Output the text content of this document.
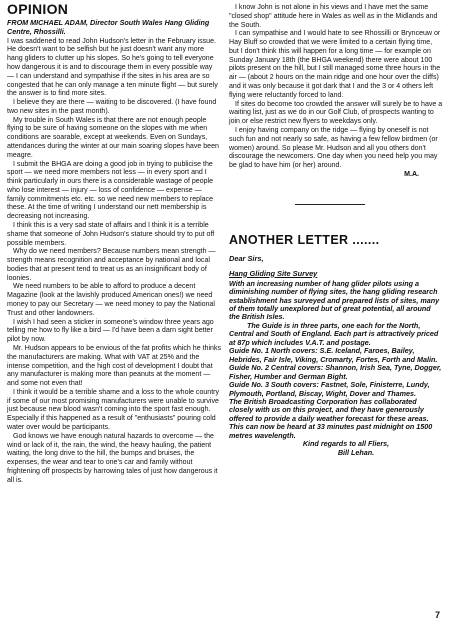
OPINION
FROM MICHAEL ADAM, Director South Wales Hang Gliding Centre, Rhossilli.

I was saddened to read John Hudson's letter in the February issue. He doesn't want to be selfish but he just doesn't want any more hang gliders to clutter up his slopes. So he's going to tell everyone how dangerous it is and to discourage them in every possible way — I can understand and sympathise if the sites in his area are so congested that he can only manage a ten minute flight — but surely the answer is to find more sites.

I believe they are there — waiting to be discovered. (I have found two new sites in the past month).

My trouble in South Wales is that there are not enough people flying to be sure of having someone on the slopes with me when conditions are soarable, except at weekends. Even on Sundays, attendances during the winter at our main soaring slopes have been meagre.

I submit the BHGA are doing a good job in trying to publicise the sport — we need more members not less — in every sport and I think particularly in ours there is a considerable wastage of people who lose interest — injury — loss of confidence — expense — family commitments etc. etc. so we need new members to replace these. At the time of writing I understand our nett membership is decreasing not increasing.

I think this is a very sad state of affairs and I think it is a terrible shame that someone of John Hudson's stature should try to put off possible members.

Why do we need members? Because numbers mean strength — strength means recognition and acceptance by national and local bodies that at present tend to treat us as an insignificant body of loonies.

We need numbers to be able to afford to produce a decent Magazine (look at the lavishly produced American ones!) we need money to pay our Secretary — we need money to pay the National Trust and other landowners.

I wish I had seen a sticker in someone's window three years ago telling me how to fly like a bird — I'd have been a darn sight better pilot by now.

Mr. Hudson appears to be envious of the fat profits which he thinks the manufacturers are making. What with VAT at 25% and the intense competition, and the high cost of development I doubt that any manufacturer is making more than peanuts at the moment — and some not even that!

I think it would be a terrible shame and a loss to the whole country if some of our most promising manufacturers were unable to survive just because new blood wasn't coming into the sport fast enough. Especially if this happened as a result of "enthusiasts" pouring cold water over would be participants.

God knows we have enough natural hazards to overcome — the wind or lack of it, the rain, the wind, the heavy hauling, the patient waiting, the long drive to the hill, the bumps and bruises, the expenses, the wear and tear to one's car and family without frightening off prospects by harrowing tales of just how dangerous it all is.

I know John is not alone in his views and I have met the same "closed shop" attitude here in Wales as well as in the Midlands and the South.

I can sympathise and I would hate to see Rhossilli or Brynceuw or Hay Bluff so crowded that we were limited to a certain flying time, but I don't think this will happen for a long time — for example on Sunday January 18th (the BHGA weekend) there were about 100 pilots present on the hill, but I still managed some three hours in the air — (about 2 hours on the main ridge and one hour over the cliffs) and it was only because it got dark that I and the 3 or 4 others left flying were reluctantly forced to land.

If sites do become too crowded the answer will surely be to have a waiting list, just as we do in our Golf Club, of prospects wanting to join or else restrict new flyers to weekdays only.

I enjoy having company on the ridge — flying by oneself is not such fun and not nearly so safe, as having a few fellow birdmen (or women) around. So please Mr. Hudson and all you others don't discourage the newcomers. One day when you need help you may be glad to have him (or her) around.

M.A.
ANOTHER LETTER .......
Dear Sirs,
Hang Gliding Site Survey

With an increasing number of hang glider pilots using a diminishing number of flying sites, the hang gliding research establishment has surveyed and prepared lists of sites, many of them totally unexplored but of great potential, all around the British Isles.

The Guide is in three parts, one each for the North, Central and South of England. Each part is attractively priced at 87p which includes V.A.T. and postage.

Guide No. 1 North covers: S.E. Iceland, Faroes, Bailey, Hebrides, Fair Isle, Viking, Cromarty, Fortes, Forth and Malin.

Guide No. 2 Central covers: Shannon, Irish Sea, Tyne, Dogger, Fisher, Humber and German Bight.

Guide No. 3 South covers: Fastnet, Sole, Finisterre, Lundy, Plymouth, Portland, Biscay, Wight, Dover and Thames.

The British Broadcasting Corporation has collaborated closely with us on this project, and they have generously offered to provide a daily weather forecast for these areas. This can now be heard at 33 minutes past midnight on 1500 metres wavelength.

Kind regards to all Fliers,
Bill Lehan.
7
